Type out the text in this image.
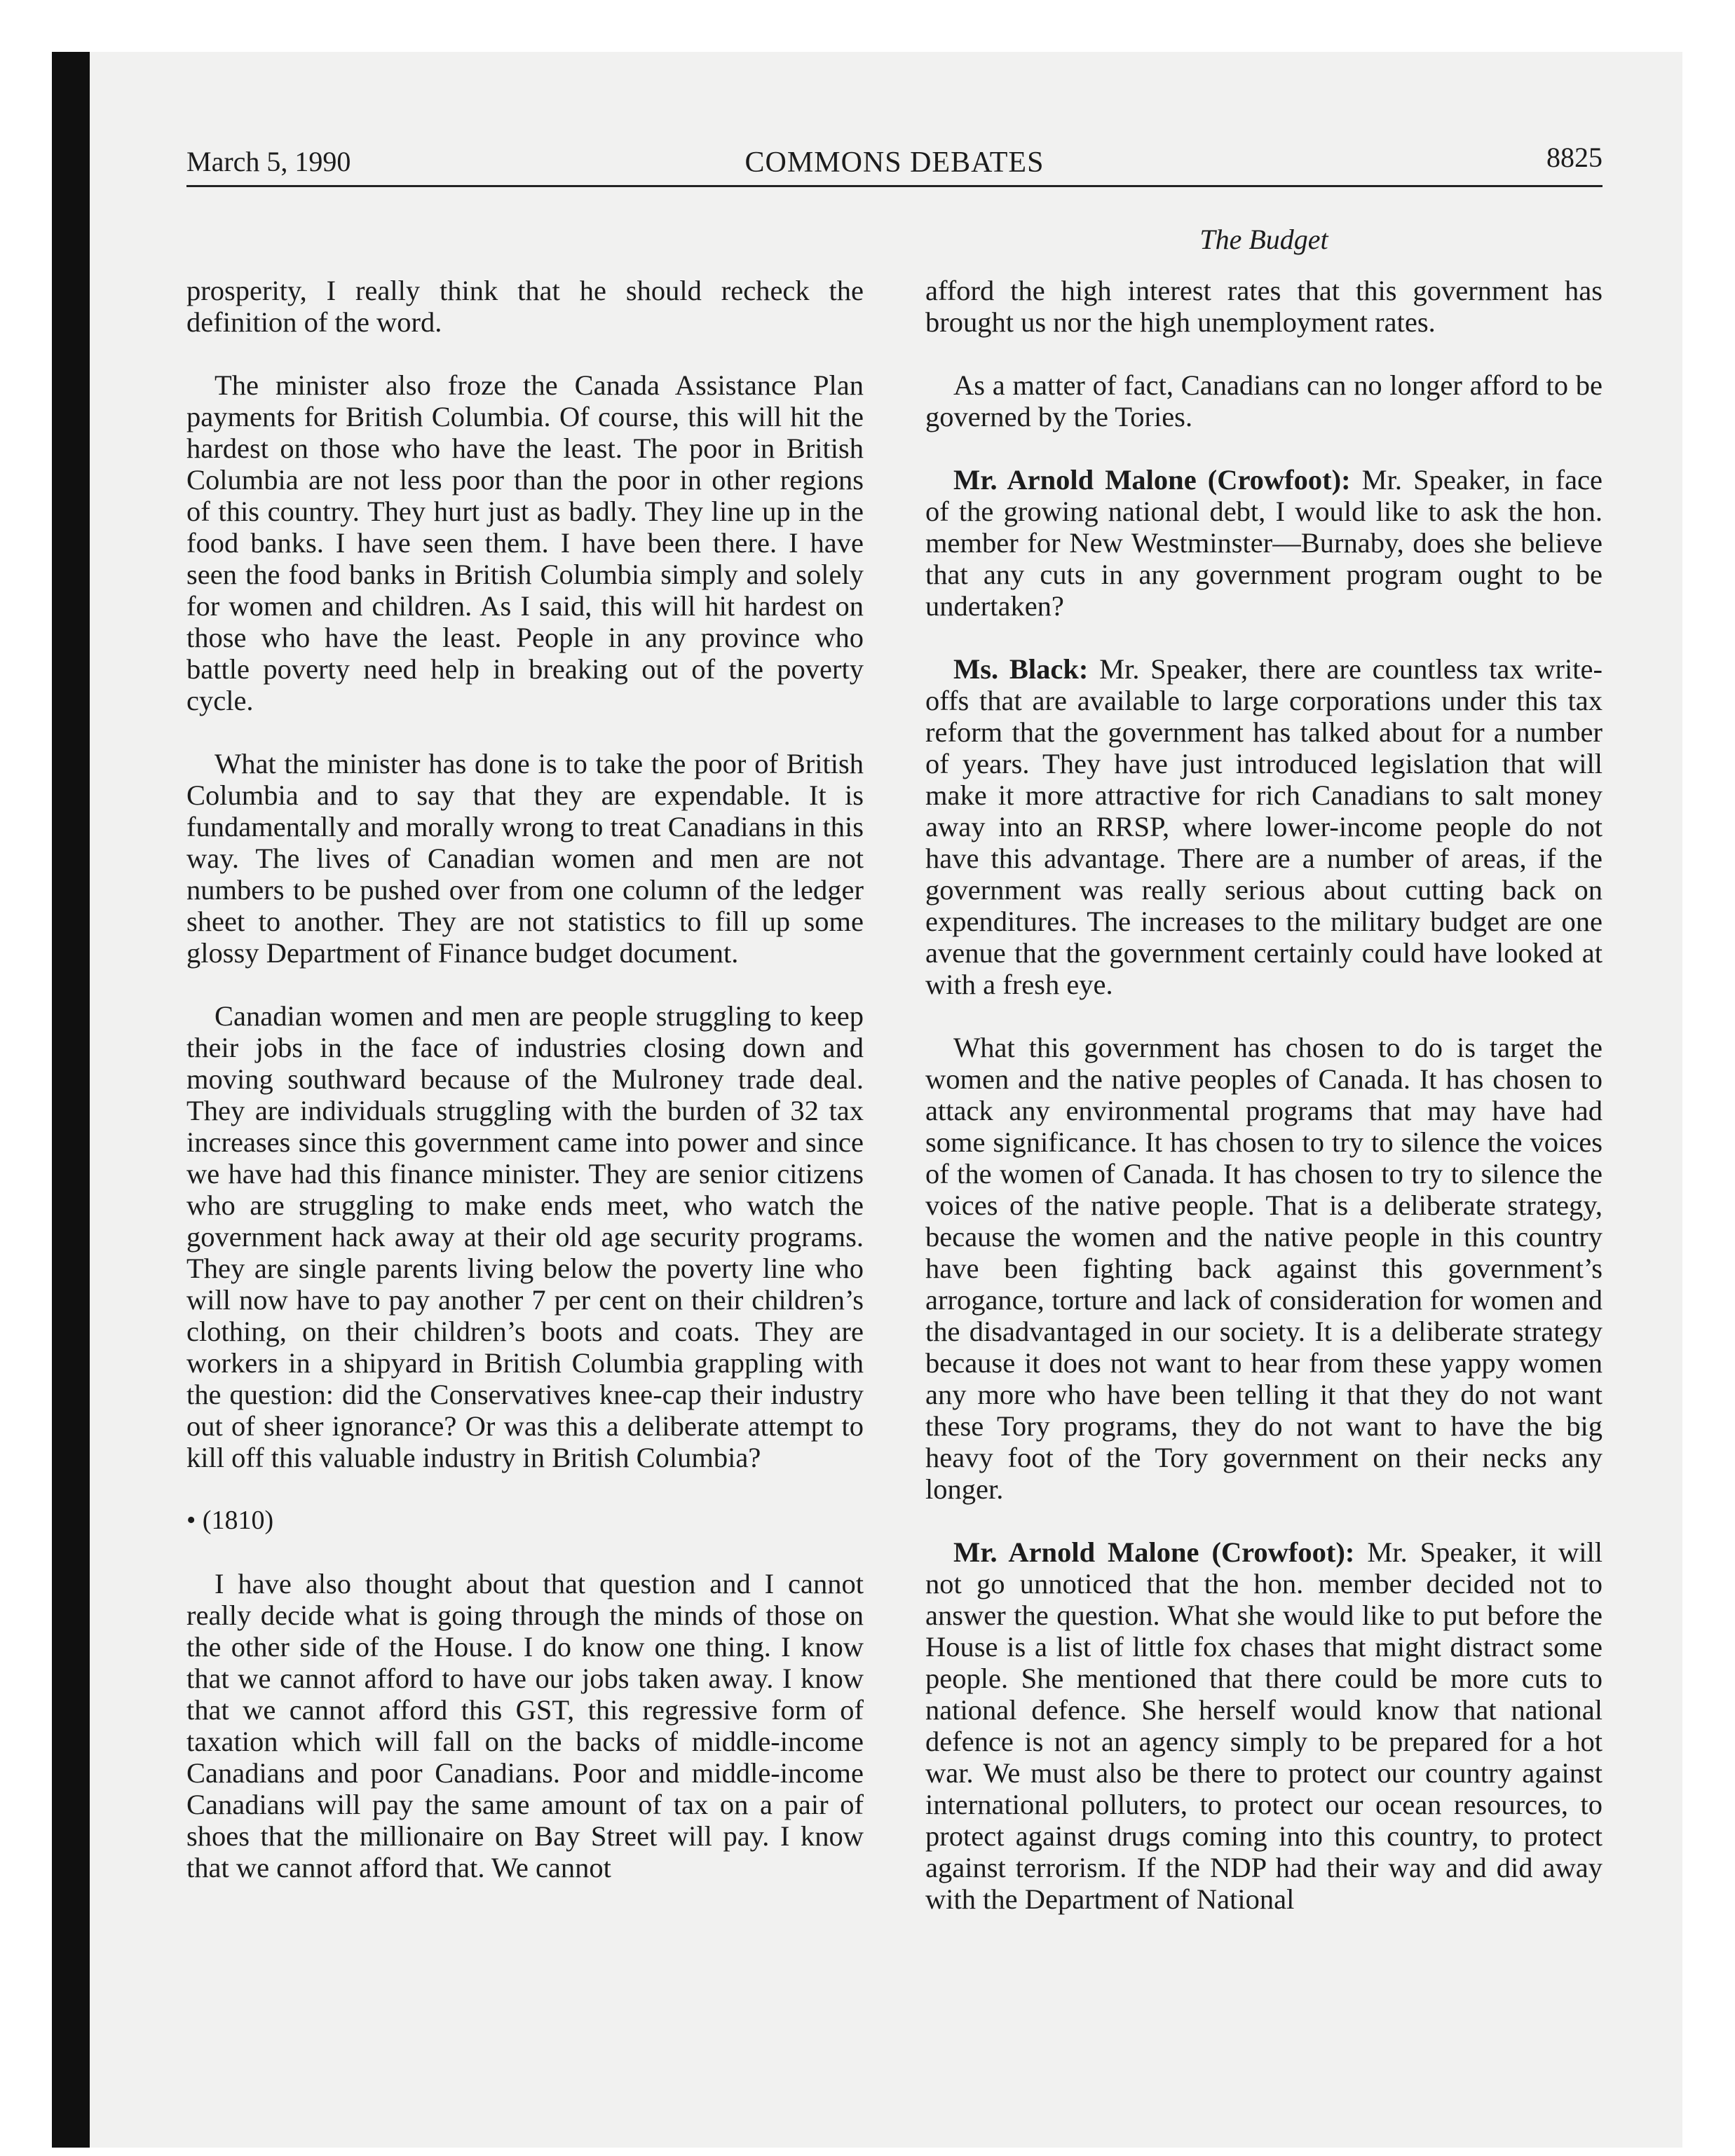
March 5, 1990	COMMONS DEBATES	8825
The Budget

prosperity, I really think that he should recheck the definition of the word.

The minister also froze the Canada Assistance Plan payments for British Columbia. Of course, this will hit the hardest on those who have the least. The poor in British Columbia are not less poor than the poor in other regions of this country. They hurt just as badly. They line up in the food banks. I have seen them. I have been there. I have seen the food banks in British Columbia simply and solely for women and children. As I said, this will hit hardest on those who have the least. People in any province who battle poverty need help in breaking out of the poverty cycle.

What the minister has done is to take the poor of British Columbia and to say that they are expendable. It is fundamentally and morally wrong to treat Canadians in this way. The lives of Canadian women and men are not numbers to be pushed over from one column of the ledger sheet to another. They are not statistics to fill up some glossy Department of Finance budget document.

Canadian women and men are people struggling to keep their jobs in the face of industries closing down and moving southward because of the Mulroney trade deal. They are individuals struggling with the burden of 32 tax increases since this government came into power and since we have had this finance minister. They are senior citizens who are struggling to make ends meet, who watch the government hack away at their old age security programs. They are single parents living below the poverty line who will now have to pay another 7 per cent on their children’s clothing, on their children’s boots and coats. They are workers in a shipyard in British Columbia grappling with the question: did the Conservatives knee-cap their industry out of sheer ignorance? Or was this a deliberate attempt to kill off this valuable industry in British Columbia?

• (1810)

I have also thought about that question and I cannot really decide what is going through the minds of those on the other side of the House. I do know one thing. I know that we cannot afford to have our jobs taken away. I know that we cannot afford this GST, this regressive form of taxation which will fall on the backs of middle-income Canadians and poor Canadians. Poor and middle-income Canadians will pay the same amount of tax on a pair of shoes that the millionaire on Bay Street will pay. I know that we cannot afford that. We cannot

afford the high interest rates that this government has brought us nor the high unemployment rates.

As a matter of fact, Canadians can no longer afford to be governed by the Tories.

Mr. Arnold Malone (Crowfoot): Mr. Speaker, in face of the growing national debt, I would like to ask the hon. member for New Westminster—Burnaby, does she believe that any cuts in any government program ought to be undertaken?

Ms. Black: Mr. Speaker, there are countless tax write-offs that are available to large corporations under this tax reform that the government has talked about for a number of years. They have just introduced legislation that will make it more attractive for rich Canadians to salt money away into an RRSP, where lower-income people do not have this advantage. There are a number of areas, if the government was really serious about cutting back on expenditures. The increases to the military budget are one avenue that the government certainly could have looked at with a fresh eye.

What this government has chosen to do is target the women and the native peoples of Canada. It has chosen to attack any environmental programs that may have had some significance. It has chosen to try to silence the voices of the women of Canada. It has chosen to try to silence the voices of the native people. That is a deliberate strategy, because the women and the native people in this country have been fighting back against this government’s arrogance, torture and lack of consideration for women and the disadvantaged in our society. It is a deliberate strategy because it does not want to hear from these yappy women any more who have been telling it that they do not want these Tory programs, they do not want to have the big heavy foot of the Tory government on their necks any longer.

Mr. Arnold Malone (Crowfoot): Mr. Speaker, it will not go unnoticed that the hon. member decided not to answer the question. What she would like to put before the House is a list of little fox chases that might distract some people. She mentioned that there could be more cuts to national defence. She herself would know that national defence is not an agency simply to be prepared for a hot war. We must also be there to protect our country against international polluters, to protect our ocean resources, to protect against drugs coming into this country, to protect against terrorism. If the NDP had their way and did away with the Department of National
